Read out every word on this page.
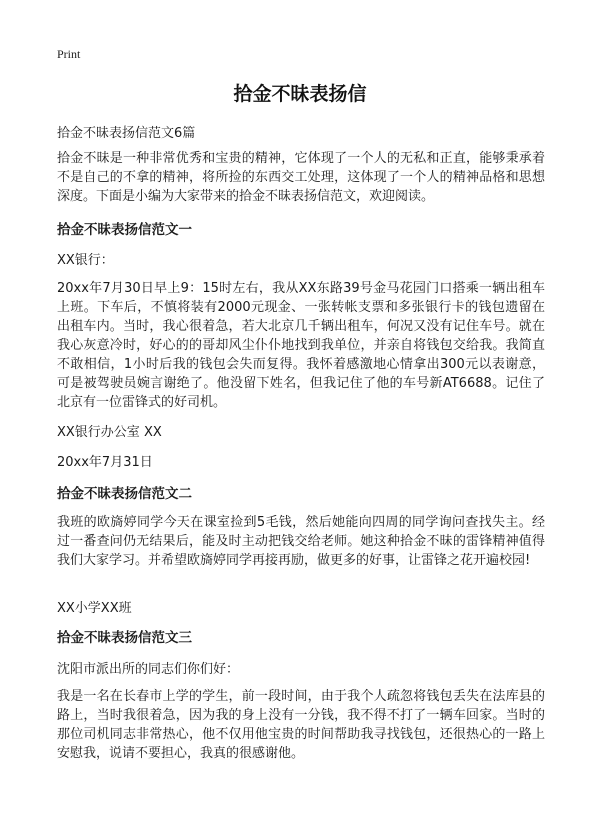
Print

拾金不昧表扬信

拾金不昧表扬信范文6篇

拾金不昧是一种非常优秀和宝贵的精神，它体现了一个人的无私和正直，能够秉承着不是自己的不拿的精神，将所捡的东西交工处理，这体现了一个人的精神品格和思想深度。下面是小编为大家带来的拾金不昧表扬信范文，欢迎阅读。

拾金不昧表扬信范文一

XX银行：

20xx年7月30日早上9：15时左右，我从XX东路39号金马花园门口搭乘一辆出租车上班。下车后，不慎将装有2000元现金、一张转帐支票和多张银行卡的钱包遗留在出租车内。当时，我心很着急，若大北京几千辆出租车，何况又没有记住车号。就在我心灰意冷时，好心的的哥却风尘仆仆地找到我单位，并亲自将钱包交给我。我简直不敢相信，1小时后我的钱包会失而复得。我怀着感激地心情拿出300元以表谢意，可是被驾驶员婉言谢绝了。他没留下姓名，但我记住了他的车号新AT6688。记住了北京有一位雷锋式的好司机。

XX银行办公室 XX

20xx年7月31日

拾金不昧表扬信范文二

我班的欧旖婷同学今天在课室捡到5毛钱，然后她能向四周的同学询问查找失主。经过一番查问仍无结果后，能及时主动把钱交给老师。她这种拾金不昧的雷锋精神值得我们大家学习。并希望欧旖婷同学再接再励，做更多的好事，让雷锋之花开遍校园!

XX小学XX班

拾金不昧表扬信范文三

沈阳市派出所的同志们你们好：

我是一名在长春市上学的学生，前一段时间，由于我个人疏忽将钱包丢失在法库县的路上，当时我很着急，因为我的身上没有一分钱，我不得不打了一辆车回家。当时的那位司机同志非常热心，他不仅用他宝贵的时间帮助我寻找钱包，还很热心的一路上安慰我，说请不要担心，我真的很感谢他。
